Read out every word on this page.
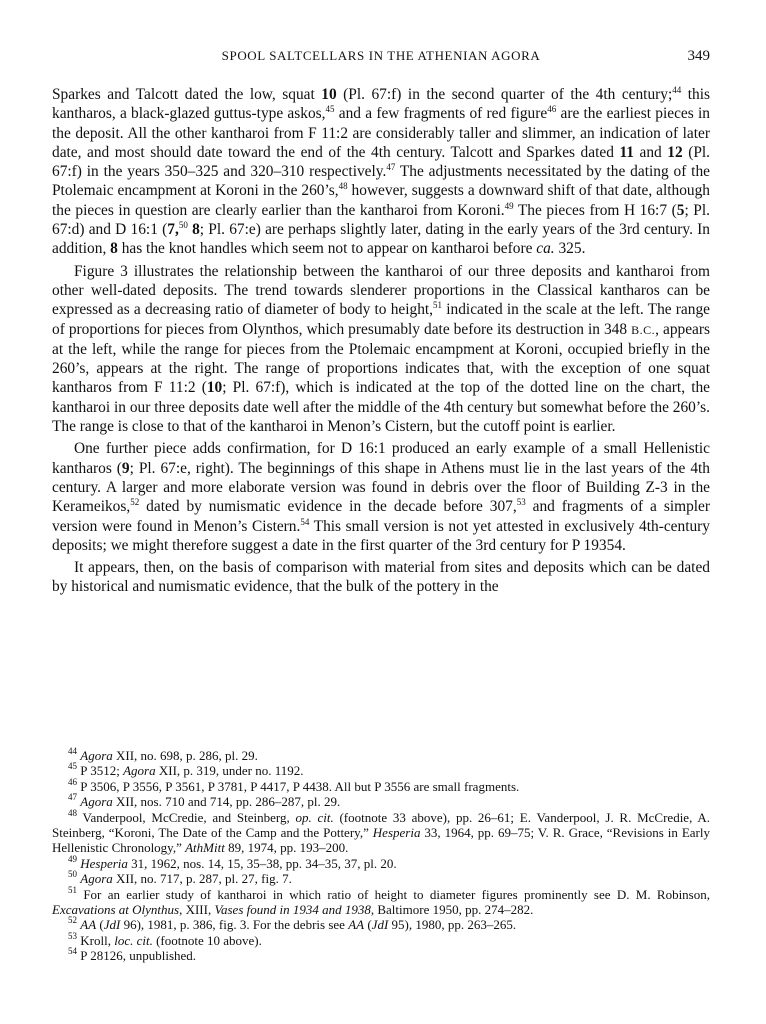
SPOOL SALTCELLARS IN THE ATHENIAN AGORA	349

Sparkes and Talcott dated the low, squat 10 (Pl. 67:f) in the second quarter of the 4th century;$^{44}$ this kantharos, a black-glazed guttus-type askos,$^{45}$ and a few fragments of red figure$^{46}$ are the earliest pieces in the deposit. All the other kantharoi from F 11:2 are considerably taller and slimmer, an indication of later date, and most should date toward the end of the 4th century. Talcott and Sparkes dated 11 and 12 (Pl. 67:f) in the years 350–325 and 320–310 respectively.$^{47}$ The adjustments necessitated by the dating of the Ptolemaic encampment at Koroni in the 260’s,$^{48}$ however, suggests a downward shift of that date, although the pieces in question are clearly earlier than the kantharoi from Koroni.$^{49}$ The pieces from H 16:7 (5; Pl. 67:d) and D 16:1 (7,50 8; Pl. 67:e) are perhaps slightly later, dating in the early years of the 3rd century. In addition, 8 has the knot handles which seem not to appear on kantharoi before ca. 325.

Figure 3 illustrates the relationship between the kantharoi of our three deposits and kantharoi from other well-dated deposits. The trend towards slenderer proportions in the Classical kantharos can be expressed as a decreasing ratio of diameter of body to height,$^{51}$ indicated in the scale at the left. The range of proportions for pieces from Olynthos, which presumably date before its destruction in 348 B.C., appears at the left, while the range for pieces from the Ptolemaic encampment at Koroni, occupied briefly in the 260’s, appears at the right. The range of proportions indicates that, with the exception of one squat kantharos from F 11:2 (10; Pl. 67:f), which is indicated at the top of the dotted line on the chart, the kantharoi in our three deposits date well after the middle of the 4th century but somewhat before the 260’s. The range is close to that of the kantharoi in Menon’s Cistern, but the cutoff point is earlier.

One further piece adds confirmation, for D 16:1 produced an early example of a small Hellenistic kantharos (9; Pl. 67:e, right). The beginnings of this shape in Athens must lie in the last years of the 4th century. A larger and more elaborate version was found in debris over the floor of Building Z-3 in the Kerameikos,$^{52}$ dated by numismatic evidence in the decade before 307,53 and fragments of a simpler version were found in Menon’s Cistern.$^{54}$ This small version is not yet attested in exclusively 4th-century deposits; we might therefore suggest a date in the first quarter of the 3rd century for P 19354.

It appears, then, on the basis of comparison with material from sites and deposits which can be dated by historical and numismatic evidence, that the bulk of the pottery in the

$^{44}$ Agora XII, no. 698, p. 286, pl. 29.

$^{45}$ P 3512; Agora XII, p. 319, under no. 1192.

$^{46}$ P 3506, P 3556, P 3561, P 3781, P 4417, P 4438. All but P 3556 are small fragments.

$^{47}$ Agora XII, nos. 710 and 714, pp. 286–287, pl. 29.

$^{48}$ Vanderpool, McCredie, and Steinberg, op. cit. (footnote 33 above), pp. 26–61; E. Vanderpool, J. R. McCredie, A. Steinberg, “Koroni, The Date of the Camp and the Pottery,” Hesperia 33, 1964, pp. 69–75; V. R. Grace, “Revisions in Early Hellenistic Chronology,” AthMitt 89, 1974, pp. 193–200.

$^{49}$ Hesperia 31, 1962, nos. 14, 15, 35–38, pp. 34–35, 37, pl. 20.

$^{50}$ Agora XII, no. 717, p. 287, pl. 27, fig. 7.

$^{51}$ For an earlier study of kantharoi in which ratio of height to diameter figures prominently see D. M. Robinson, Excavations at Olynthus, XIII, Vases found in 1934 and 1938, Baltimore 1950, pp. 274–282.

$^{52}$ AA (JdI 96), 1981, p. 386, fig. 3. For the debris see AA (JdI 95), 1980, pp. 263–265.

$^{53}$ Kroll, loc. cit. (footnote 10 above).

$^{54}$ P 28126, unpublished.
